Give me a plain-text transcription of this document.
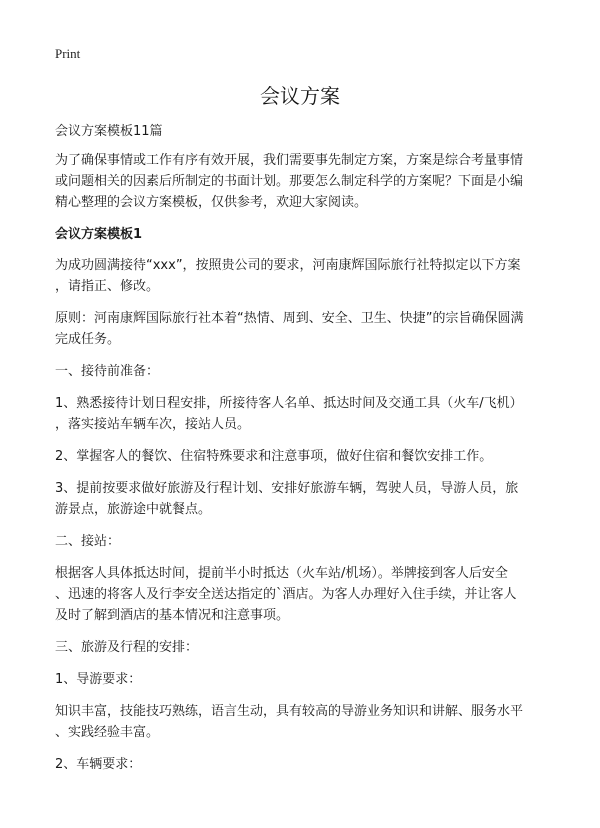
Print
会议方案

会议方案模板11篇

为了确保事情或工作有序有效开展，我们需要事先制定方案，方案是综合考量事情
或问题相关的因素后所制定的书面计划。那要怎么制定科学的方案呢？下面是小编
精心整理的会议方案模板，仅供参考，欢迎大家阅读。

会议方案模板1

为成功圆满接待“xxx”，按照贵公司的要求，河南康辉国际旅行社特拟定以下方案
，请指正、修改。

原则：河南康辉国际旅行社本着“热情、周到、安全、卫生、快捷”的宗旨确保圆满
完成任务。

一、接待前准备：

1、熟悉接待计划日程安排，所接待客人名单、抵达时间及交通工具（火车/飞机）
，落实接站车辆车次，接站人员。

2、掌握客人的餐饮、住宿特殊要求和注意事项，做好住宿和餐饮安排工作。

3、提前按要求做好旅游及行程计划、安排好旅游车辆，驾驶人员，导游人员，旅
游景点，旅游途中就餐点。

二、接站：

根据客人具体抵达时间，提前半小时抵达（火车站/机场）。举牌接到客人后安全
、迅速的将客人及行李安全送达指定的`酒店。为客人办理好入住手续，并让客人
及时了解到酒店的基本情况和注意事项。

三、旅游及行程的安排：

1、导游要求：

知识丰富，技能技巧熟练，语言生动，具有较高的导游业务知识和讲解、服务水平
、实践经验丰富。

2、车辆要求：
